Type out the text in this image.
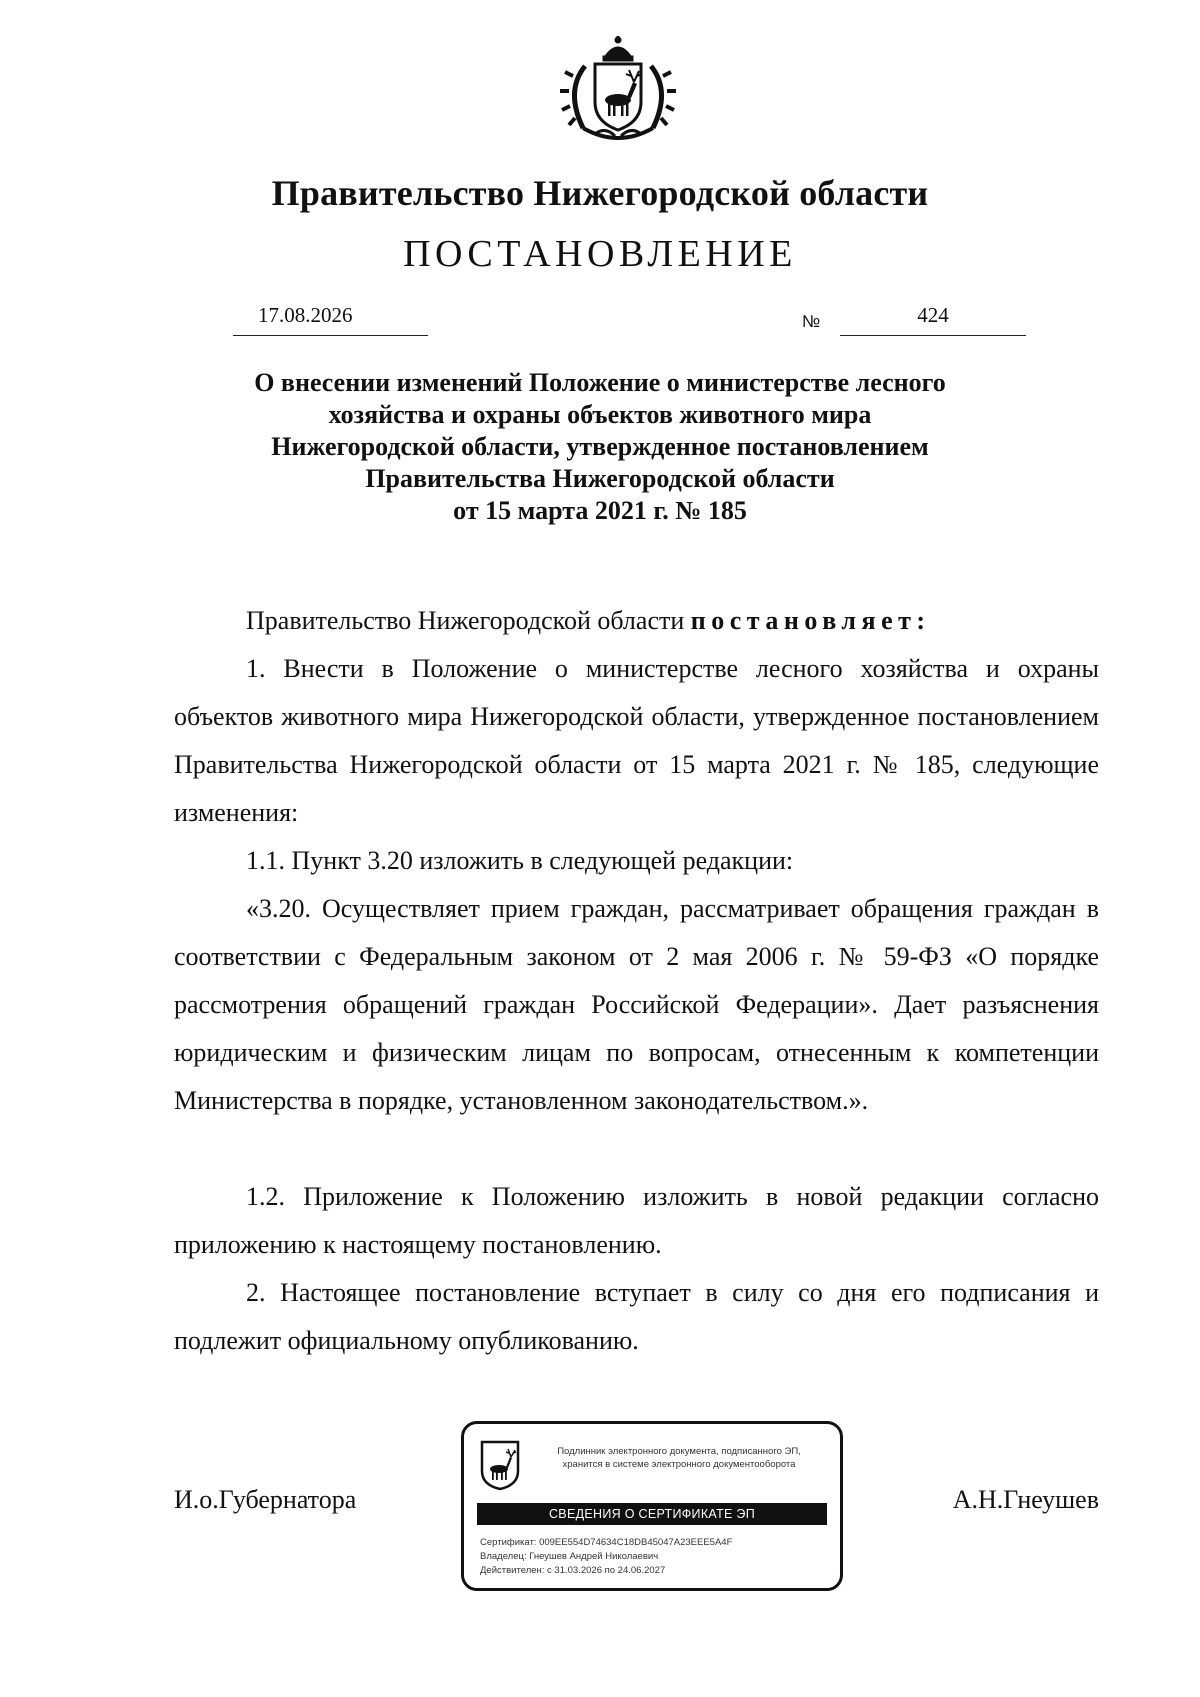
Правительство Нижегородской области
ПОСТАНОВЛЕНИЕ
17.08.2026	№	424
О внесении изменений Положение о министерстве лесного
хозяйства и охраны объектов животного мира
Нижегородской области, утвержденное постановлением
Правительства Нижегородской области
от 15 марта 2021 г. № 185
Правительство Нижегородской области постановляет:
1. Внести в Положение о министерстве лесного хозяйства и охраны объектов животного мира Нижегородской области, утвержденное постановлением Правительства Нижегородской области от 15 марта 2021 г. № 185, следующие изменения:
1.1. Пункт 3.20 изложить в следующей редакции:
«3.20. Осуществляет прием граждан, рассматривает обращения граждан в соответствии с Федеральным законом от 2 мая 2006 г. № 59-ФЗ «О порядке рассмотрения обращений граждан Российской Федерации». Дает разъяснения юридическим и физическим лицам по вопросам, отнесенным к компетенции Министерства в порядке, установленном законодательством.».
1.2. Приложение к Положению изложить в новой редакции согласно приложению к настоящему постановлению.
2. Настоящее постановление вступает в силу со дня его подписания и подлежит официальному опубликованию.
И.о.Губернатора	А.Н.Гнеушев
Подлинник электронного документа, подписанного ЭП,
хранится в системе электронного документооборота
СВЕДЕНИЯ О СЕРТИФИКАТЕ ЭП
Сертификат: 009EE554D74634C18DB45047A23EEE5A4F
Владелец: Гнеушев Андрей Николаевич
Действителен: с 31.03.2026 по 24.06.2027
